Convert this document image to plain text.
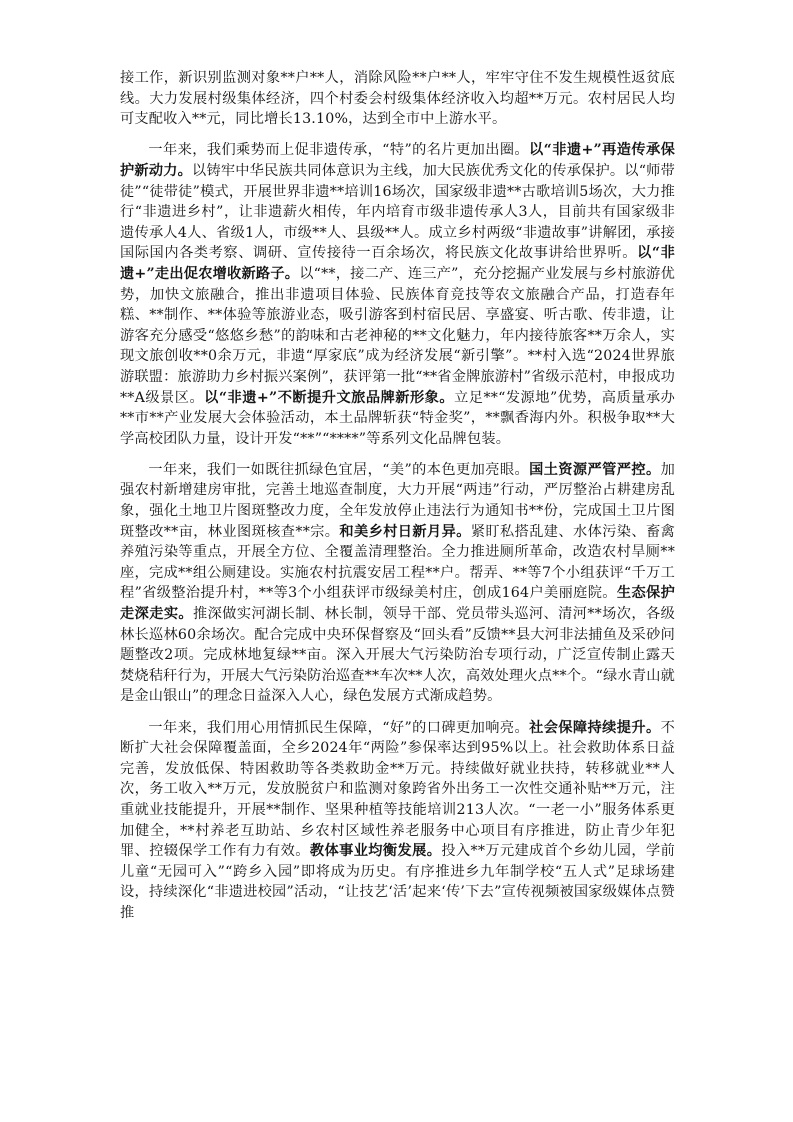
接工作，新识别监测对象**户**人，消除风险**户**人，牢牢守住不发生规模性返贫底线。大力发展村级集体经济，四个村委会村级集体经济收入均超**万元。农村居民人均可支配收入**元，同比增长13.10%，达到全市中上游水平。

一年来，我们乘势而上促非遗传承，“特”的名片更加出圈。以“非遗+”再造传承保护新动力。以铸牢中华民族共同体意识为主线，加大民族优秀文化的传承保护。以“师带徒”“徒带徒”模式，开展世界非遗**培训16场次，国家级非遗**古歌培训5场次，大力推行“非遗进乡村”，让非遗薪火相传，年内培育市级非遗传承人3人，目前共有国家级非遗传承人4人、省级1人，市级**人、县级**人。成立乡村两级“非遗故事”讲解团，承接国际国内各类考察、调研、宣传接待一百余场次，将民族文化故事讲给世界听。以“非遗+”走出促农增收新路子。以“**，接二产、连三产”，充分挖掘产业发展与乡村旅游优势，加快文旅融合，推出非遗项目体验、民族体育竞技等农文旅融合产品，打造春年糕、**制作、**体验等旅游业态，吸引游客到村宿民居、享盛宴、听古歌、传非遗，让游客充分感受“悠悠乡愁”的韵味和古老神秘的**文化魅力，年内接待旅客**万余人，实现文旅创收**0余万元，非遗“厚家底”成为经济发展“新引擎”。**村入选“2024世界旅游联盟：旅游助力乡村振兴案例”，获评第一批“**省金牌旅游村”省级示范村，申报成功**A级景区。以“非遗+”不断提升文旅品牌新形象。立足**“发源地”优势，高质量承办**市**产业发展大会体验活动，本土品牌斩获“特金奖”，**飘香海内外。积极争取**大学高校团队力量，设计开发“**”“****”等系列文化品牌包装。

一年来，我们一如既往抓绿色宜居，“美”的本色更加亮眼。国土资源严管严控。加强农村新增建房审批，完善土地巡查制度，大力开展“两违”行动，严厉整治占耕建房乱象，强化土地卫片图斑整改力度，全年发放停止违法行为通知书**份，完成国土卫片图斑整改**亩，林业图斑核查**宗。和美乡村日新月异。紧盯私搭乱建、水体污染、畜禽养殖污染等重点，开展全方位、全覆盖清理整治。全力推进厕所革命，改造农村旱厕**座，完成**组公厕建设。实施农村抗震安居工程**户。帮弄、**等7个小组获评“千万工程”省级整治提升村，**等3个小组获评市级绿美村庄，创成164户美丽庭院。生态保护走深走实。推深做实河湖长制、林长制，领导干部、党员带头巡河、清河**场次，各级林长巡林60余场次。配合完成中央环保督察及“回头看”反馈**县大河非法捕鱼及采砂问题整改2项。完成林地复绿**亩。深入开展大气污染防治专项行动，广泛宣传制止露天焚烧秸秆行为，开展大气污染防治巡查**车次**人次，高效处理火点**个。“绿水青山就是金山银山”的理念日益深入人心，绿色发展方式渐成趋势。

一年来，我们用心用情抓民生保障，“好”的口碑更加响亮。社会保障持续提升。不断扩大社会保障覆盖面，全乡2024年“两险”参保率达到95%以上。社会救助体系日益完善，发放低保、特困救助等各类救助金**万元。持续做好就业扶持，转移就业**人次，务工收入**万元，发放脱贫户和监测对象跨省外出务工一次性交通补贴**万元，注重就业技能提升，开展**制作、坚果种植等技能培训213人次。“一老一小”服务体系更加健全，**村养老互助站、乡农村区域性养老服务中心项目有序推进，防止青少年犯罪、控辍保学工作有力有效。教体事业均衡发展。投入**万元建成首个乡幼儿园，学前儿童“无园可入”“跨乡入园”即将成为历史。有序推进乡九年制学校“五人式”足球场建设，持续深化“非遗进校园”活动，“让技艺‘活’起来‘传’下去”宣传视频被国家级媒体点赞推
